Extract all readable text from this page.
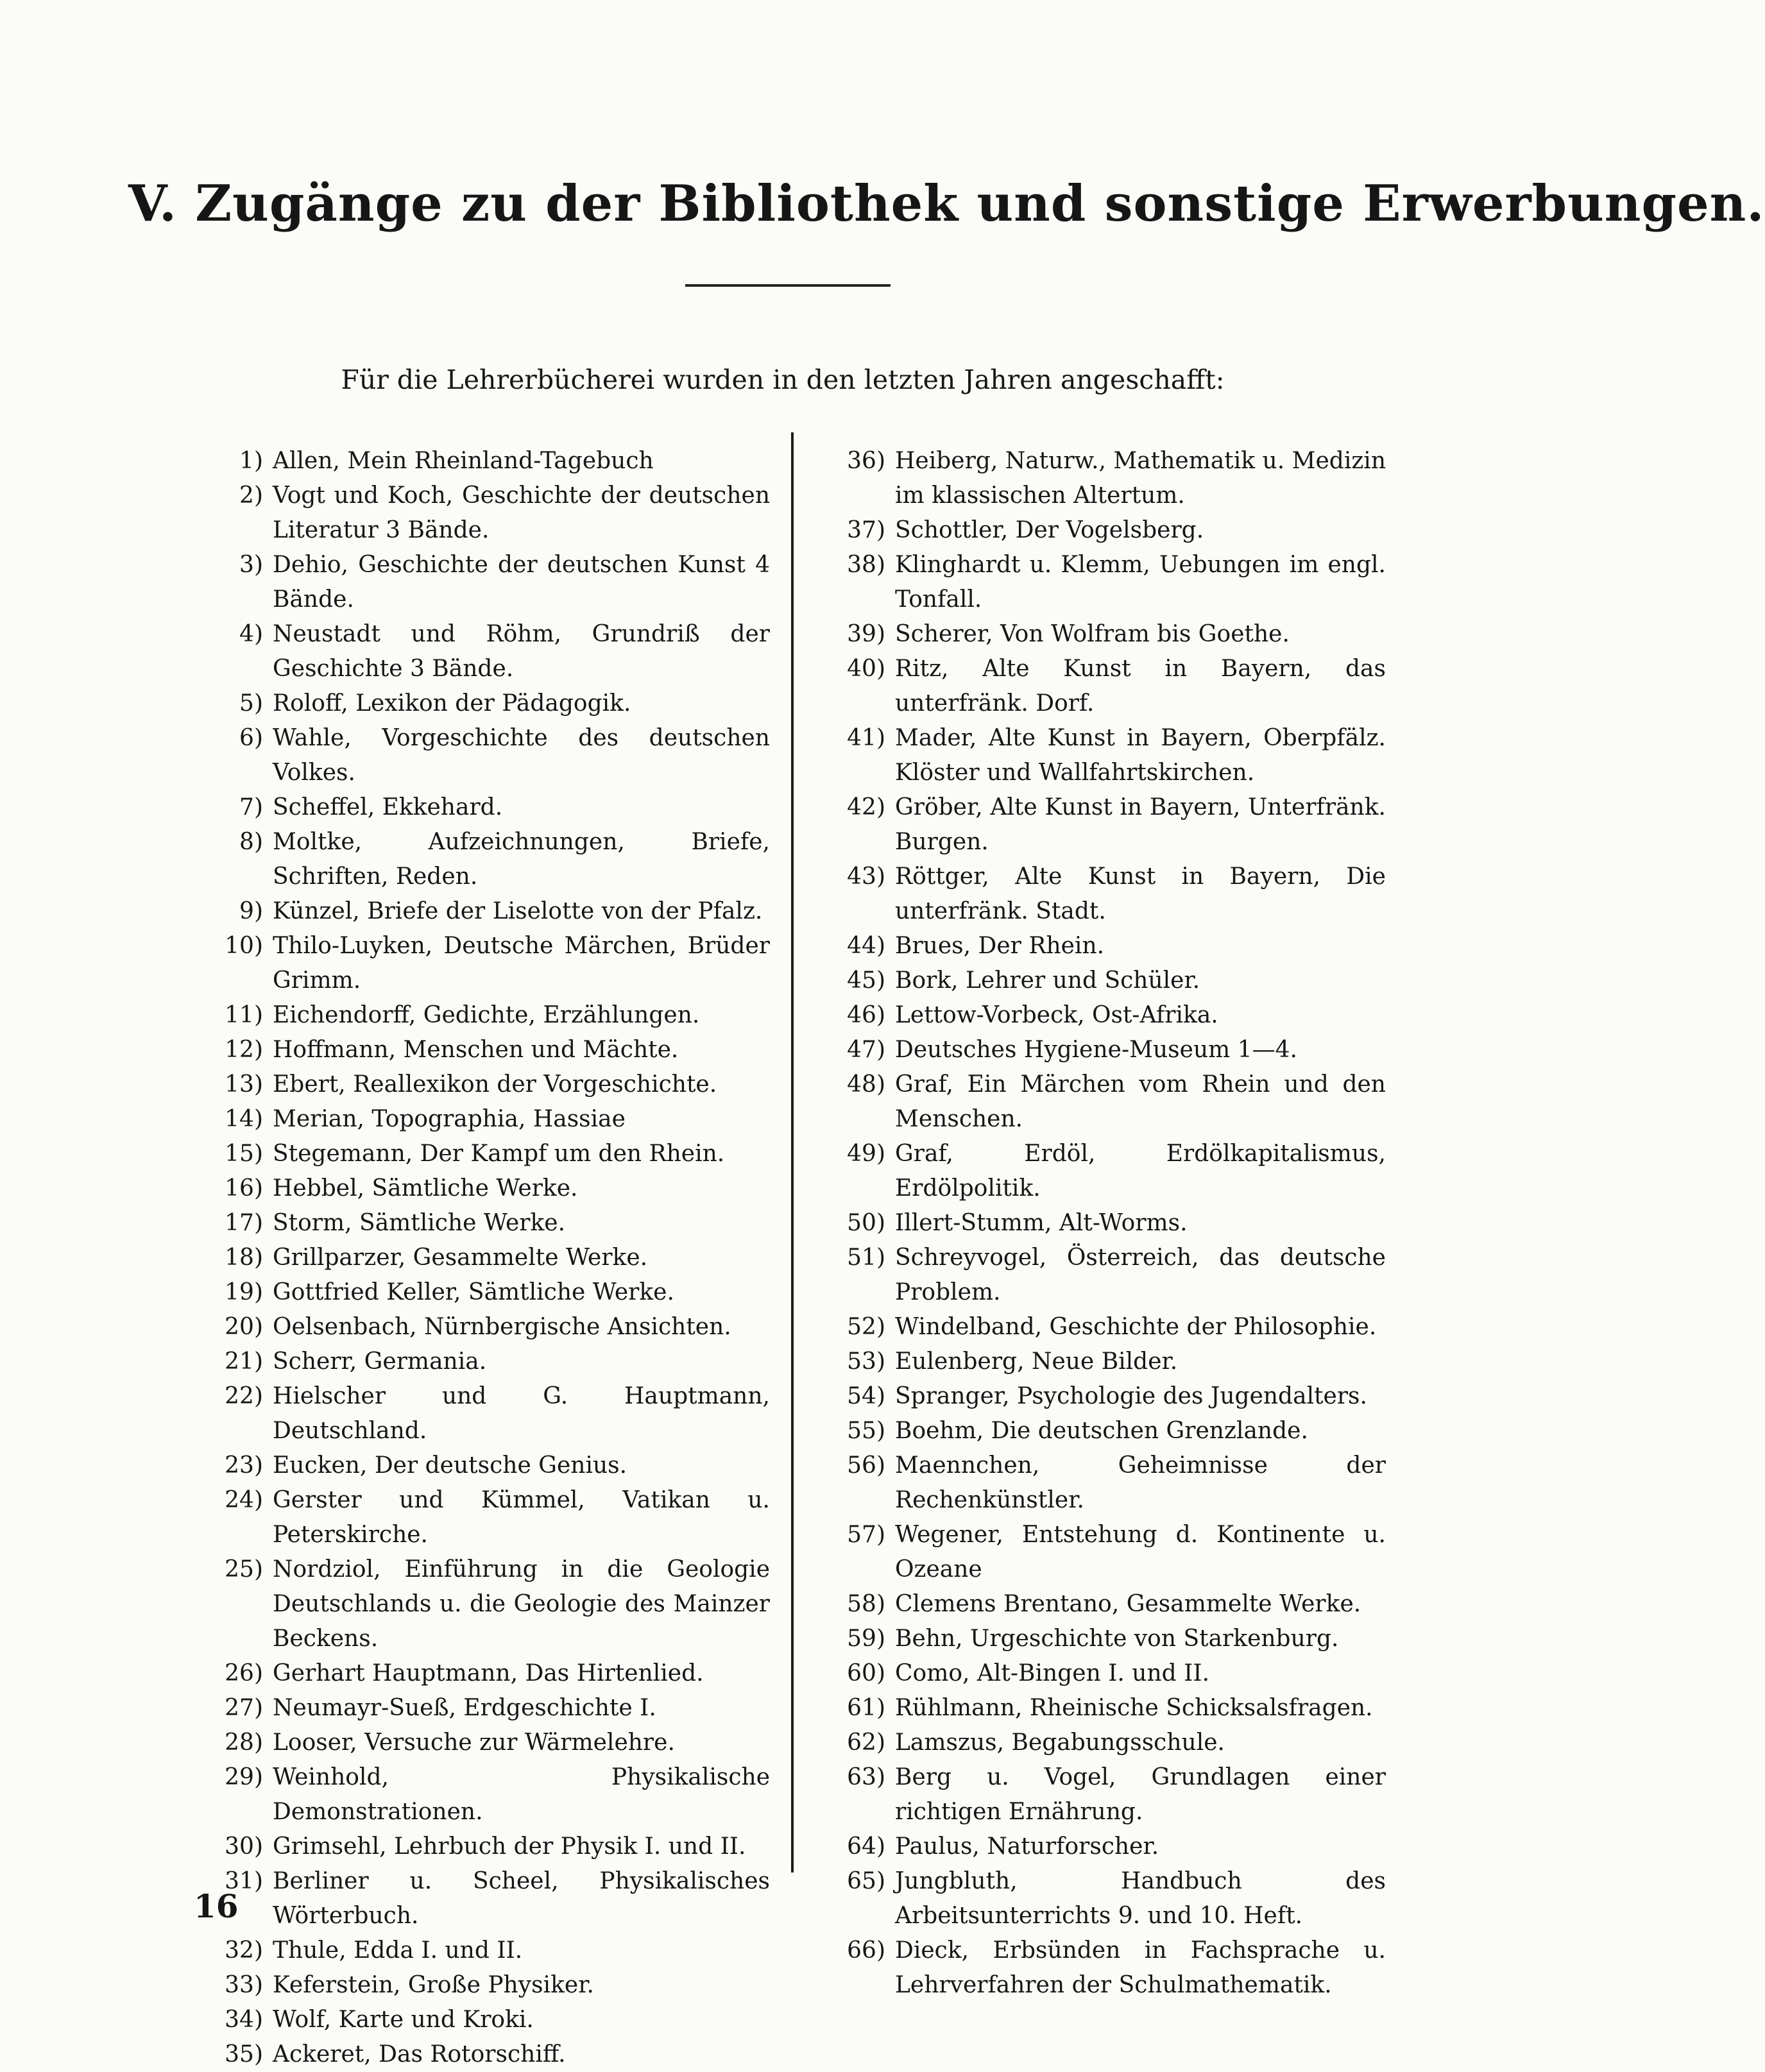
V. Zugänge zu der Bibliothek und sonstige Erwerbungen.
Für die Lehrerbücherei wurden in den letzten Jahren angeschafft:
1) Allen, Mein Rheinland-Tagebuch
2) Vogt und Koch, Geschichte der deutschen Literatur 3 Bände.
3) Dehio, Geschichte der deutschen Kunst 4 Bände.
4) Neustadt und Röhm, Grundriß der Geschichte 3 Bände.
5) Roloff, Lexikon der Pädagogik.
6) Wahle, Vorgeschichte des deutschen Volkes.
7) Scheffel, Ekkehard.
8) Moltke, Aufzeichnungen, Briefe, Schriften, Reden.
9) Künzel, Briefe der Liselotte von der Pfalz.
10) Thilo-Luyken, Deutsche Märchen, Brüder Grimm.
11) Eichendorff, Gedichte, Erzählungen.
12) Hoffmann, Menschen und Mächte.
13) Ebert, Reallexikon der Vorgeschichte.
14) Merian, Topographia, Hassiae
15) Stegemann, Der Kampf um den Rhein.
16) Hebbel, Sämtliche Werke.
17) Storm, Sämtliche Werke.
18) Grillparzer, Gesammelte Werke.
19) Gottfried Keller, Sämtliche Werke.
20) Oelsenbach, Nürnbergische Ansichten.
21) Scherr, Germania.
22) Hielscher und G. Hauptmann, Deutschland.
23) Eucken, Der deutsche Genius.
24) Gerster und Kümmel, Vatikan u. Peterskirche.
25) Nordziol, Einführung in die Geologie Deutschlands u. die Geologie des Mainzer Beckens.
26) Gerhart Hauptmann, Das Hirtenlied.
27) Neumayr-Sueß, Erdgeschichte I.
28) Looser, Versuche zur Wärmelehre.
29) Weinhold, Physikalische Demonstrationen.
30) Grimsehl, Lehrbuch der Physik I. und II.
31) Berliner u. Scheel, Physikalisches Wörterbuch.
32) Thule, Edda I. und II.
33) Keferstein, Große Physiker.
34) Wolf, Karte und Kroki.
35) Ackeret, Das Rotorschiff.
36) Heiberg, Naturw., Mathematik u. Medizin im klassischen Altertum.
37) Schottler, Der Vogelsberg.
38) Klinghardt u. Klemm, Uebungen im engl. Tonfall.
39) Scherer, Von Wolfram bis Goethe.
40) Ritz, Alte Kunst in Bayern, das unterfränk. Dorf.
41) Mader, Alte Kunst in Bayern, Oberpfälz. Klöster und Wallfahrtskirchen.
42) Gröber, Alte Kunst in Bayern, Unterfränk. Burgen.
43) Röttger, Alte Kunst in Bayern, Die unterfränk. Stadt.
44) Brues, Der Rhein.
45) Bork, Lehrer und Schüler.
46) Lettow-Vorbeck, Ost-Afrika.
47) Deutsches Hygiene-Museum 1—4.
48) Graf, Ein Märchen vom Rhein und den Menschen.
49) Graf, Erdöl, Erdölkapitalismus, Erdölpolitik.
50) Illert-Stumm, Alt-Worms.
51) Schreyvogel, Österreich, das deutsche Problem.
52) Windelband, Geschichte der Philosophie.
53) Eulenberg, Neue Bilder.
54) Spranger, Psychologie des Jugendalters.
55) Boehm, Die deutschen Grenzlande.
56) Maennchen, Geheimnisse der Rechenkünstler.
57) Wegener, Entstehung d. Kontinente u. Ozeane
58) Clemens Brentano, Gesammelte Werke.
59) Behn, Urgeschichte von Starkenburg.
60) Como, Alt-Bingen I. und II.
61) Rühlmann, Rheinische Schicksalsfragen.
62) Lamszus, Begabungsschule.
63) Berg u. Vogel, Grundlagen einer richtigen Ernährung.
64) Paulus, Naturforscher.
65) Jungbluth, Handbuch des Arbeitsunterrichts 9. und 10. Heft.
66) Dieck, Erbsünden in Fachsprache u. Lehrverfahren der Schulmathematik.
16
